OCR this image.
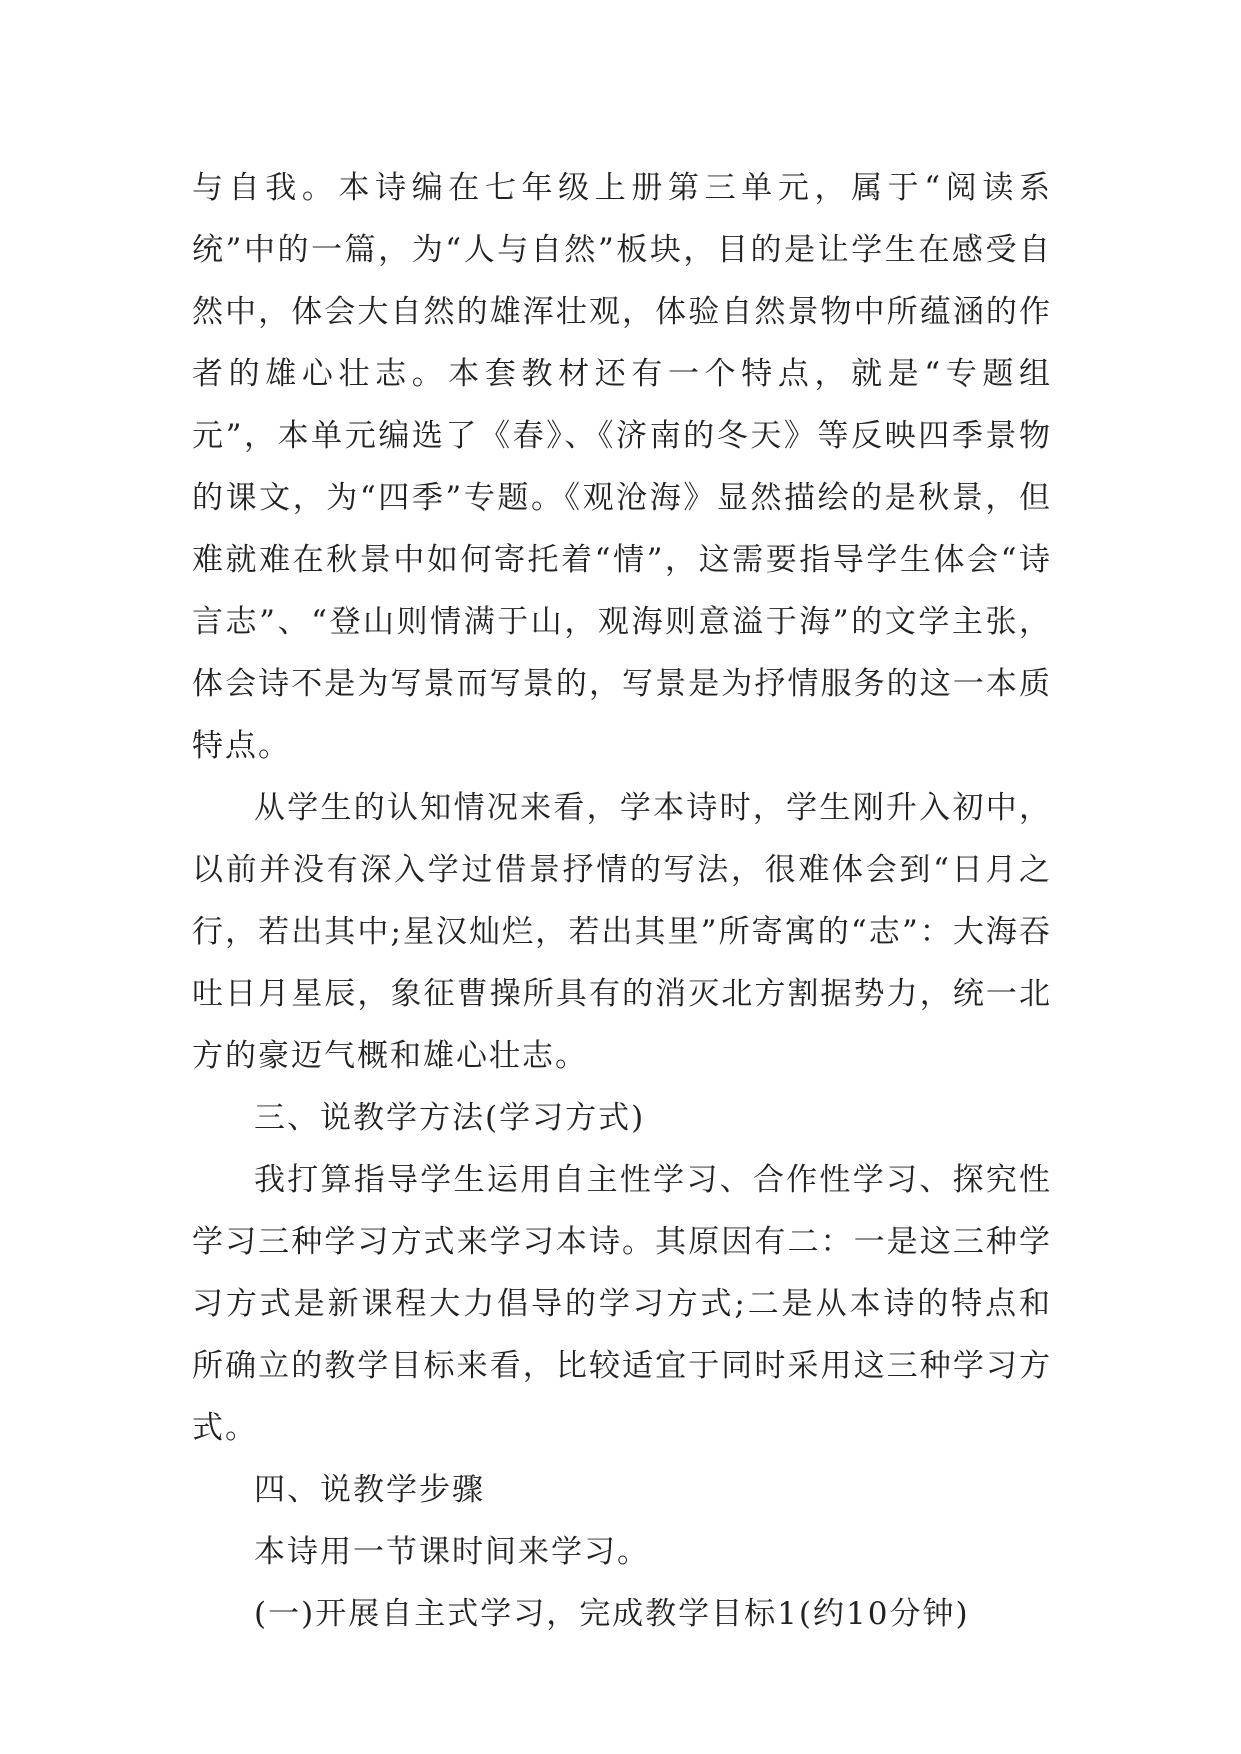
与自我。本诗编在七年级上册第三单元，属于“阅读系统”中的一篇，为“人与自然”板块，目的是让学生在感受自然中，体会大自然的雄浑壮观，体验自然景物中所蕴涵的作者的雄心壮志。本套教材还有一个特点，就是“专题组元”，本单元编选了《春》、《济南的冬天》等反映四季景物的课文，为“四季”专题。《观沧海》显然描绘的是秋景，但难就难在秋景中如何寄托着“情”，这需要指导学生体会“诗言志”、“登山则情满于山，观海则意溢于海”的文学主张，体会诗不是为写景而写景的，写景是为抒情服务的这一本质特点。

从学生的认知情况来看，学本诗时，学生刚升入初中，以前并没有深入学过借景抒情的写法，很难体会到“日月之行，若出其中;星汉灿烂，若出其里”所寄寓的“志”：大海吞吐日月星辰，象征曹操所具有的消灭北方割据势力，统一北方的豪迈气概和雄心壮志。

三、说教学方法(学习方式)

我打算指导学生运用自主性学习、合作性学习、探究性学习三种学习方式来学习本诗。其原因有二：一是这三种学习方式是新课程大力倡导的学习方式;二是从本诗的特点和所确立的教学目标来看，比较适宜于同时采用这三种学习方式。

四、说教学步骤

本诗用一节课时间来学习。

(一)开展自主式学习，完成教学目标1(约10分钟)
